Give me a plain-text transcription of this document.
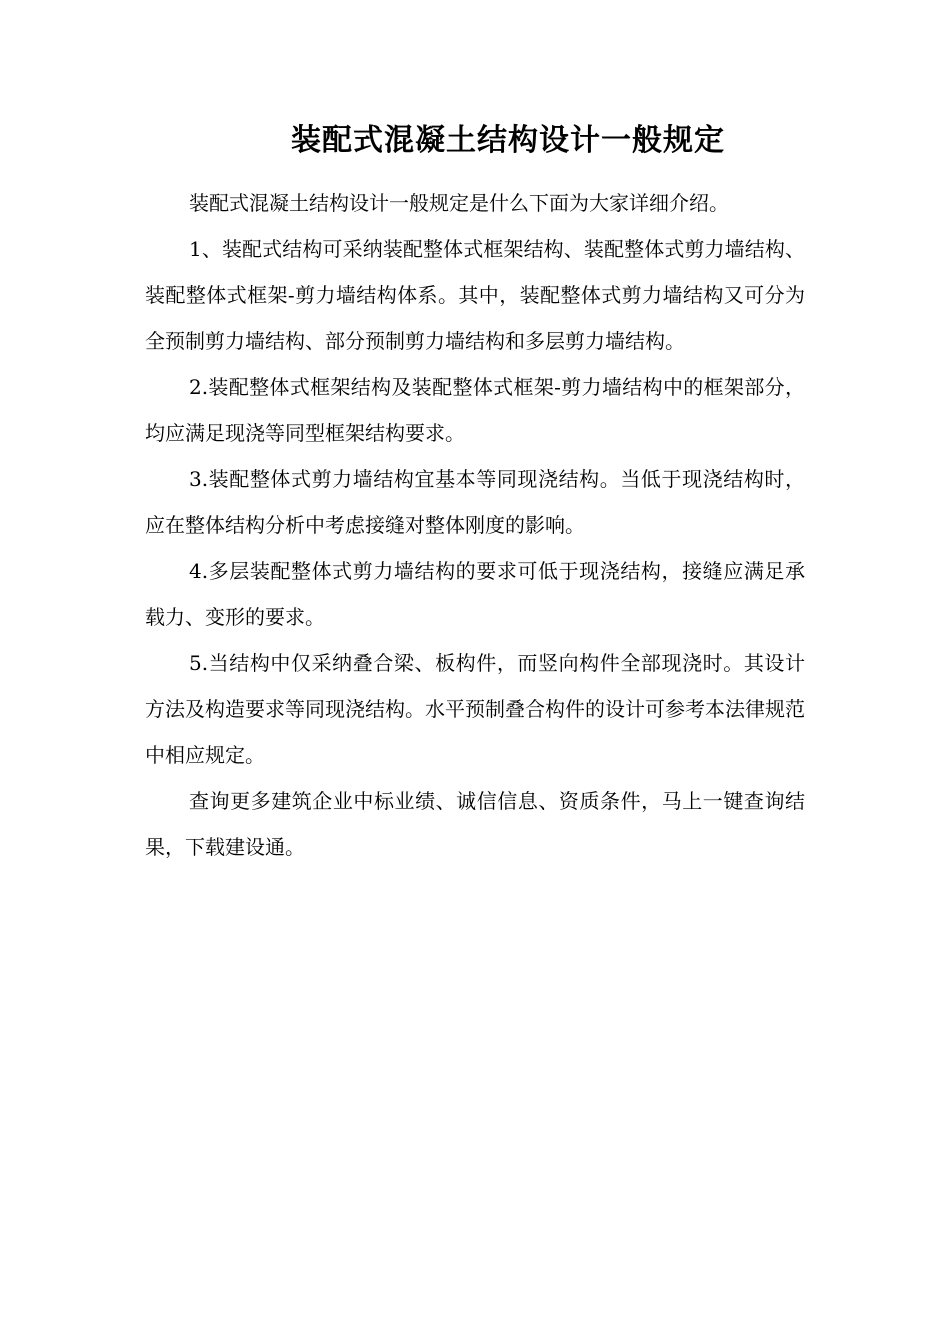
装配式混凝土结构设计一般规定

装配式混凝土结构设计一般规定是什么下面为大家详细介绍。

1、装配式结构可采纳装配整体式框架结构、装配整体式剪力墙结构、装配整体式框架-剪力墙结构体系。其中，装配整体式剪力墙结构又可分为全预制剪力墙结构、部分预制剪力墙结构和多层剪力墙结构。

2.装配整体式框架结构及装配整体式框架-剪力墙结构中的框架部分，均应满足现浇等同型框架结构要求。

3.装配整体式剪力墙结构宜基本等同现浇结构。当低于现浇结构时，应在整体结构分析中考虑接缝对整体刚度的影响。

4.多层装配整体式剪力墙结构的要求可低于现浇结构，接缝应满足承载力、变形的要求。

5.当结构中仅采纳叠合梁、板构件，而竖向构件全部现浇时。其设计方法及构造要求等同现浇结构。水平预制叠合构件的设计可参考本法律规范中相应规定。

查询更多建筑企业中标业绩、诚信信息、资质条件，马上一键查询结果，下载建设通。
